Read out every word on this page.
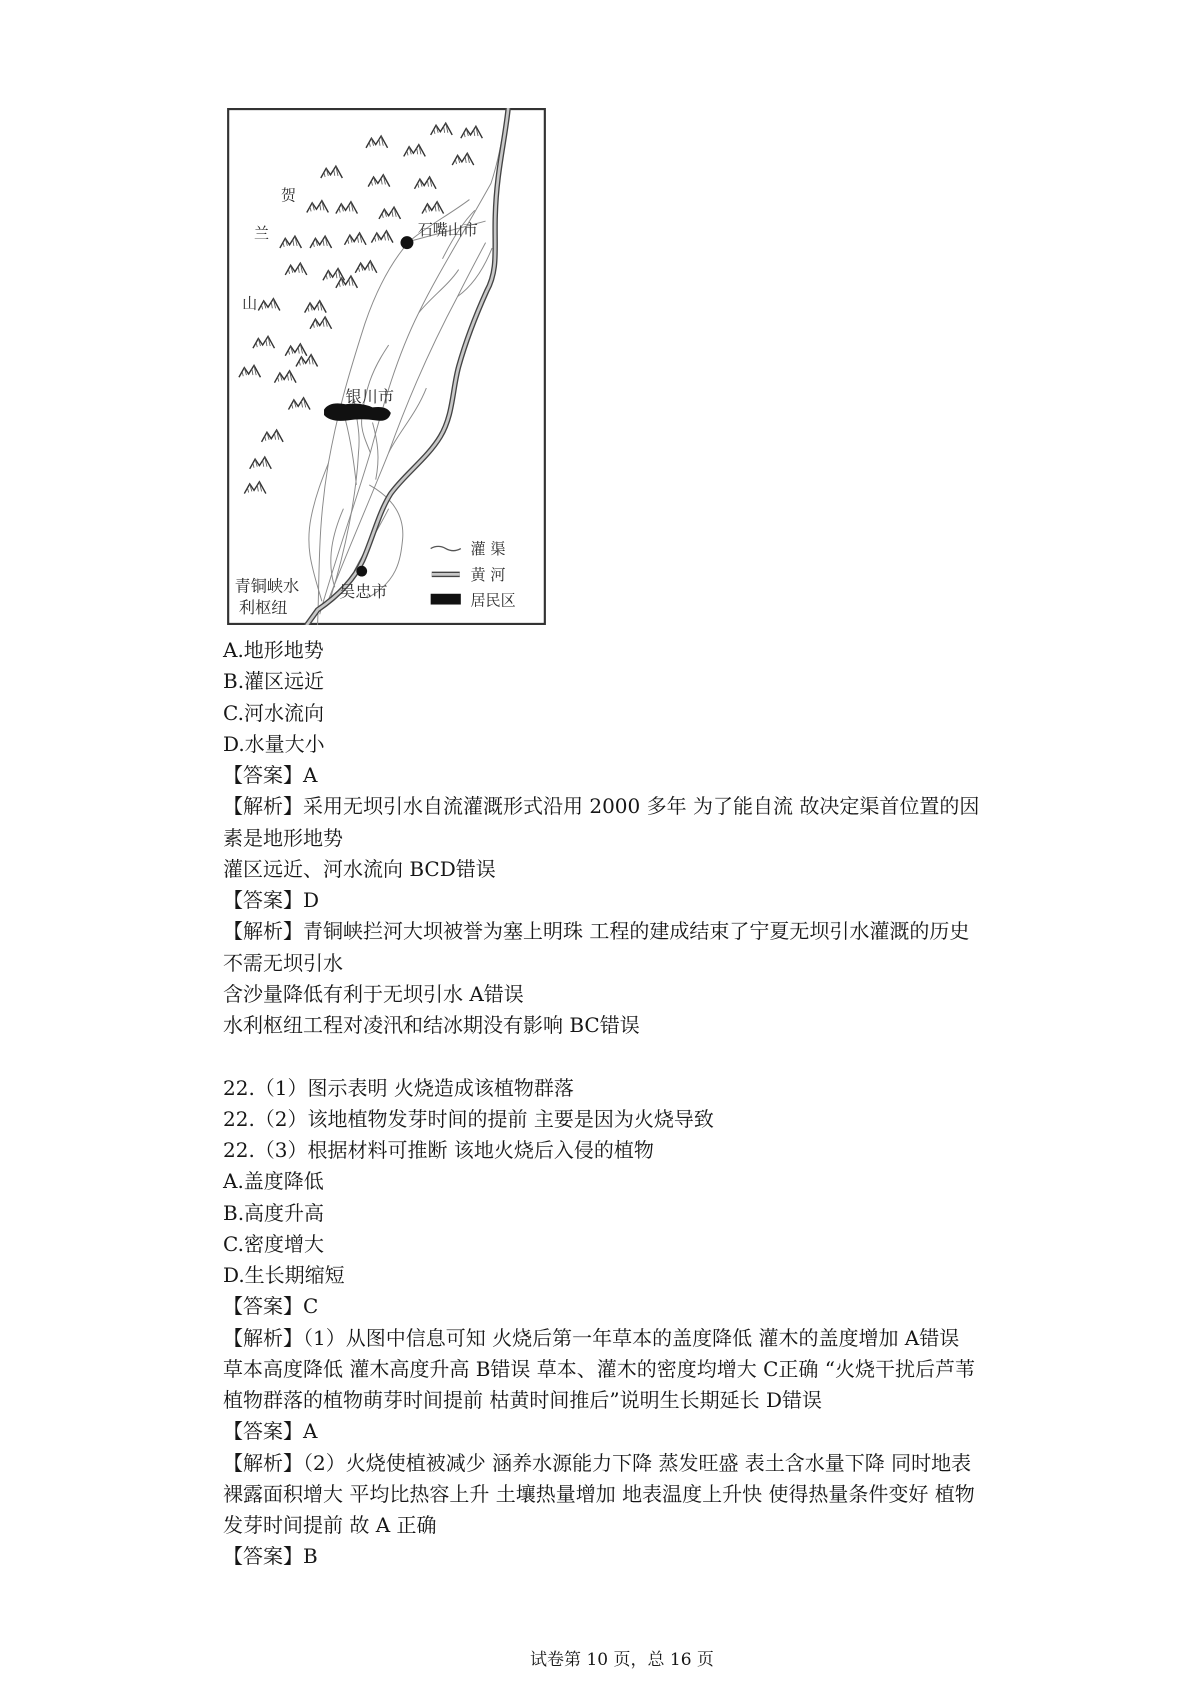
贺
兰
山
石嘴山市
银川市
吴忠市
青铜峡水
利枢纽
灌 渠
黄 河
居民区
A.地形地势
B.灌区远近
C.河水流向
D.水量大小
【答案】A
【解析】采用无坝引水自流灌溉形式沿用 2000 多年 为了能自流 故决定渠首位置的因
素是地形地势
灌区远近、河水流向 BCD错误
【答案】D
【解析】青铜峡拦河大坝被誉为塞上明珠 工程的建成结束了宁夏无坝引水灌溉的历史
不需无坝引水
含沙量降低有利于无坝引水 A错误
水利枢纽工程对凌汛和结冰期没有影响 BC错误
22.（1）图示表明 火烧造成该植物群落
22.（2）该地植物发芽时间的提前 主要是因为火烧导致
22.（3）根据材料可推断 该地火烧后入侵的植物
A.盖度降低
B.高度升高
C.密度增大
D.生长期缩短
【答案】C
【解析】（1）从图中信息可知 火烧后第一年草本的盖度降低 灌木的盖度增加 A错误
草本高度降低 灌木高度升高 B错误 草本、灌木的密度均增大 C正确 “火烧干扰后芦苇
植物群落的植物萌芽时间提前 枯黄时间推后”说明生长期延长 D错误
【答案】A
【解析】（2）火烧使植被减少 涵养水源能力下降 蒸发旺盛 表土含水量下降 同时地表
裸露面积增大 平均比热容上升 土壤热量增加 地表温度上升快 使得热量条件变好 植物
发芽时间提前 故 A 正确
【答案】B
试卷第 10 页，总 16 页
